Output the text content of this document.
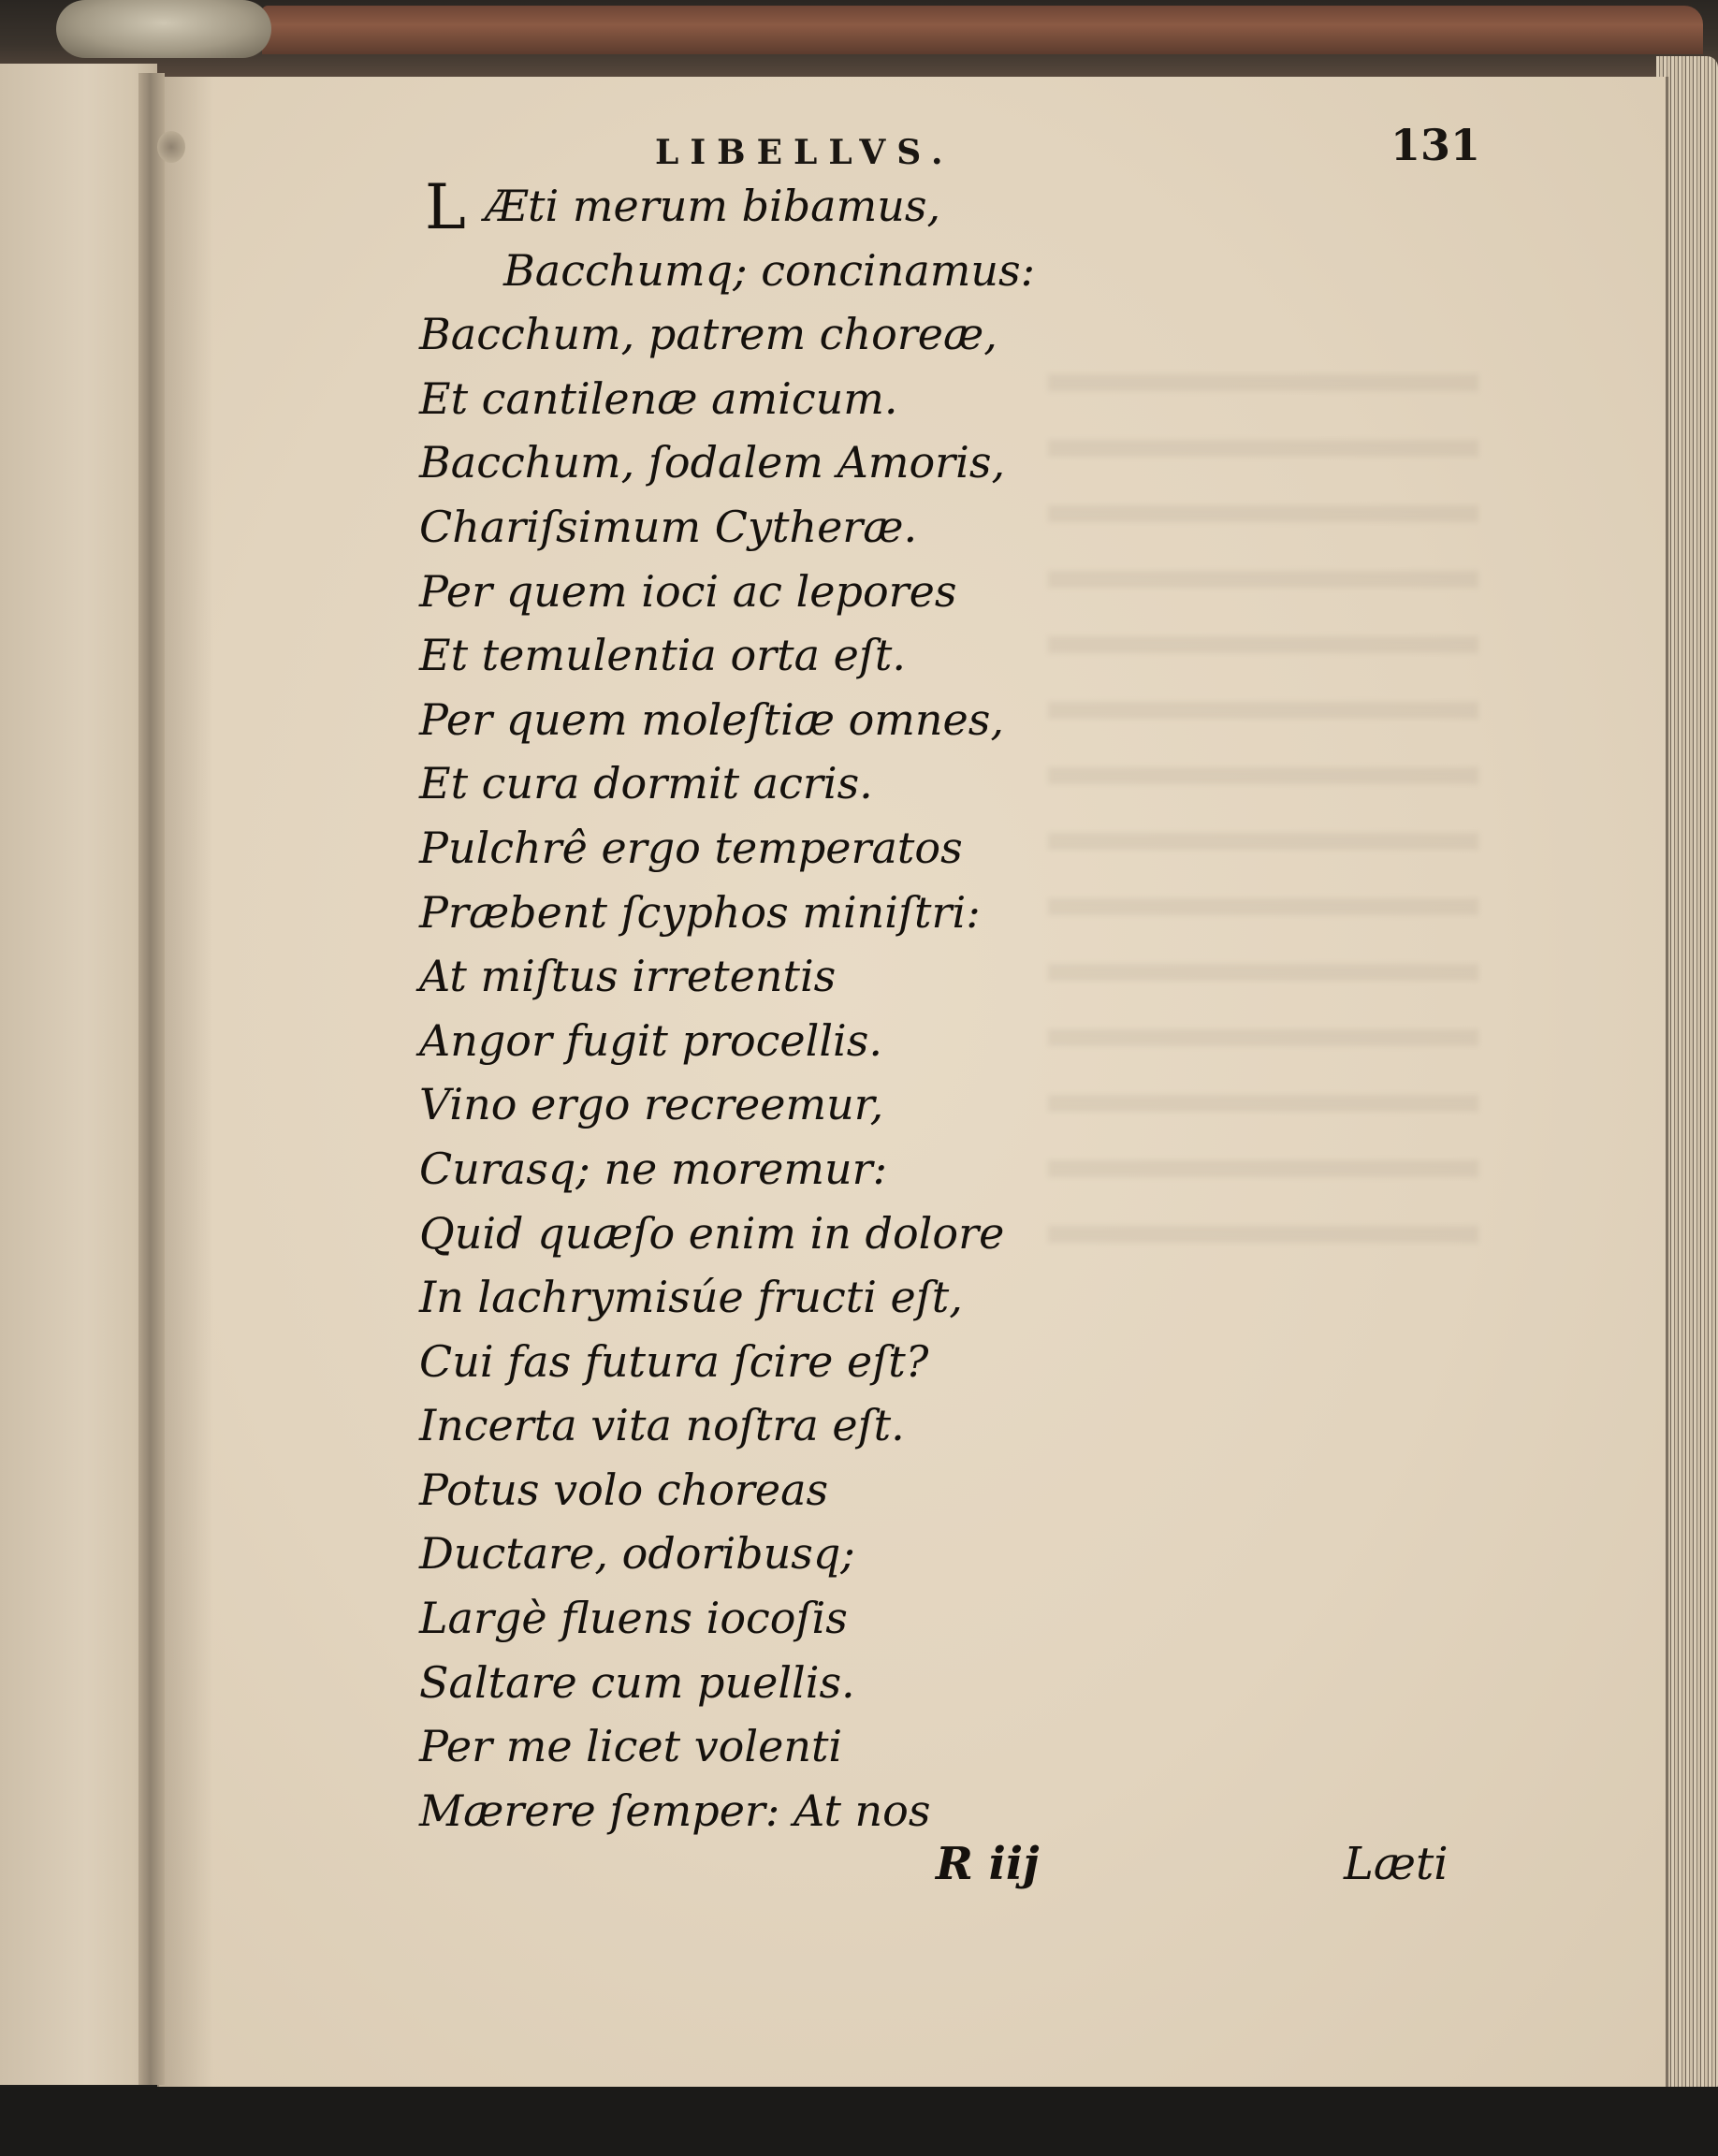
LIBELLVS.	131
L Æti merum bibamus,
Bacchumq; concinamus:
Bacchum, patrem choreæ,
Et cantilenæ amicum.
Bacchum, ſodalem Amoris,
Chariſsimum Cytheræ.
Per quem ioci ac lepores
Et temulentia orta eſt.
Per quem moleſtiæ omnes,
Et cura dormit acris.
Pulchrê ergo temperatos
Præbent ſcyphos miniſtri:
At miſtus irretentis
Angor fugit procellis.
Vino ergo recreemur,
Curasq; ne moremur:
Quid quæſo enim in dolore
In lachrymisúe fructi eſt,
Cui fas futura ſcire eſt?
Incerta vita noſtra eſt.
Potus volo choreas
Ductare, odoribusq;
Largè fluens iocoſis
Saltare cum puellis.
Per me licet volenti
Mærere ſemper: At nos
R iij	Læti
